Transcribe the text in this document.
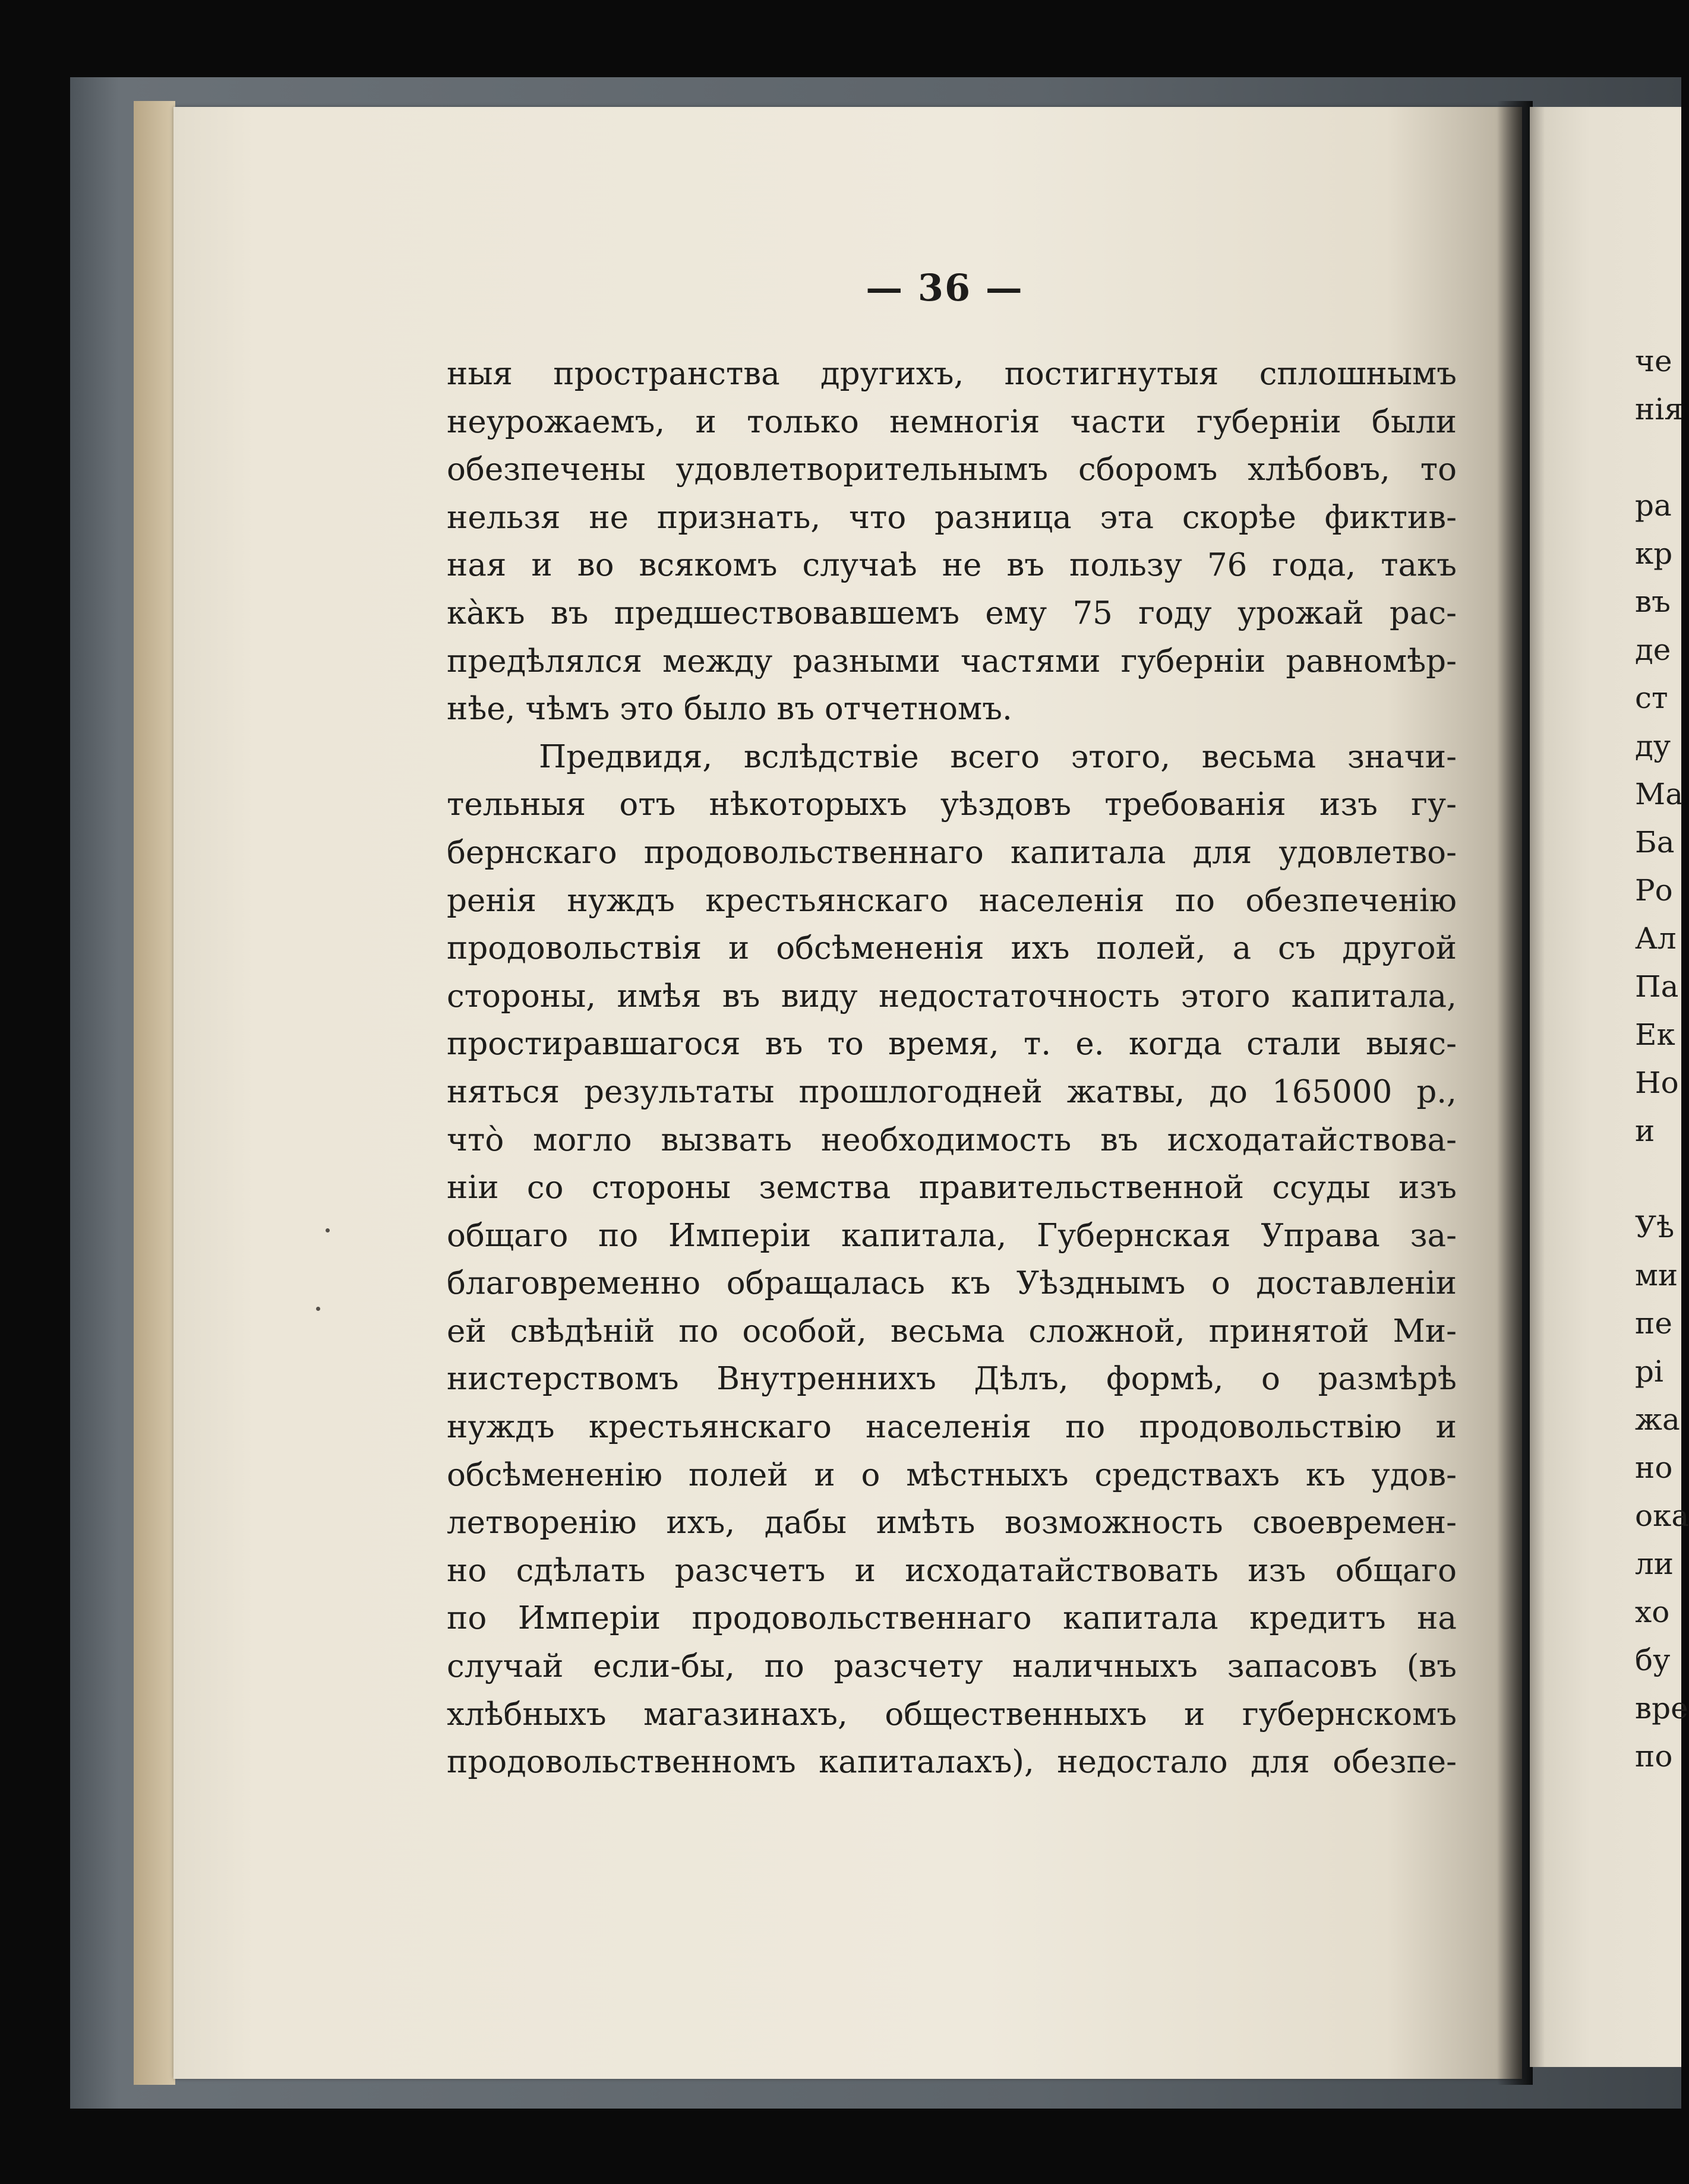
— 36 —
ныя пространства другихъ, постигнутыя сплошнымъ
неурожаемъ, и только немногія части губерніи были
обезпечены удовлетворительнымъ сборомъ хлѣбовъ, то
нельзя не признать, что разница эта скорѣе фиктив-
ная и во всякомъ случаѣ не въ пользу 76 года, такъ
кàкъ въ предшествовавшемъ ему 75 году урожай рас-
предѣлялся между разными частями губерніи равномѣр-
нѣе, чѣмъ это было въ отчетномъ.
Предвидя, вслѣдствіе всего этого, весьма значи-
тельныя отъ нѣкоторыхъ уѣздовъ требованія изъ гу-
бернскаго продовольственнаго капитала для удовлетво-
ренія нуждъ крестьянскаго населенія по обезпеченію
продовольствія и обсѣмененія ихъ полей, а съ другой
стороны, имѣя въ виду недостаточность этого капитала,
простиравшагося въ то время, т. е. когда стали выяс-
няться результаты прошлогодней жатвы, до 165000 р.,
что̀ могло вызвать необходимость въ исходатайствова-
ніи со стороны земства правительственной ссуды изъ
общаго по Имперіи капитала, Губернская Управа за-
благовременно обращалась къ Уѣзднымъ о доставленіи
ей свѣдѣній по особой, весьма сложной, принятой Ми-
нистерствомъ Внутреннихъ Дѣлъ, формѣ, о размѣрѣ
нуждъ крестьянскаго населенія по продовольствію и
обсѣмененію полей и о мѣстныхъ средствахъ къ удов-
летворенію ихъ, дабы имѣть возможность своевремен-
но сдѣлать разсчетъ и исходатайствовать изъ общаго
по Имперіи продовольственнаго капитала кредитъ на
случай если-бы, по разсчету наличныхъ запасовъ (въ
хлѣбныхъ магазинахъ, общественныхъ и губернскомъ
продовольственномъ капиталахъ), недостало для обезпе-
че
нія
ра
кр
въ
де
ст
ду
Ма
Ба
Ро
Ал
Па
Ек
Но
и
Уѣ
ми
пе
рі
жа
но
ока
ли
хо
бу
вре
по
